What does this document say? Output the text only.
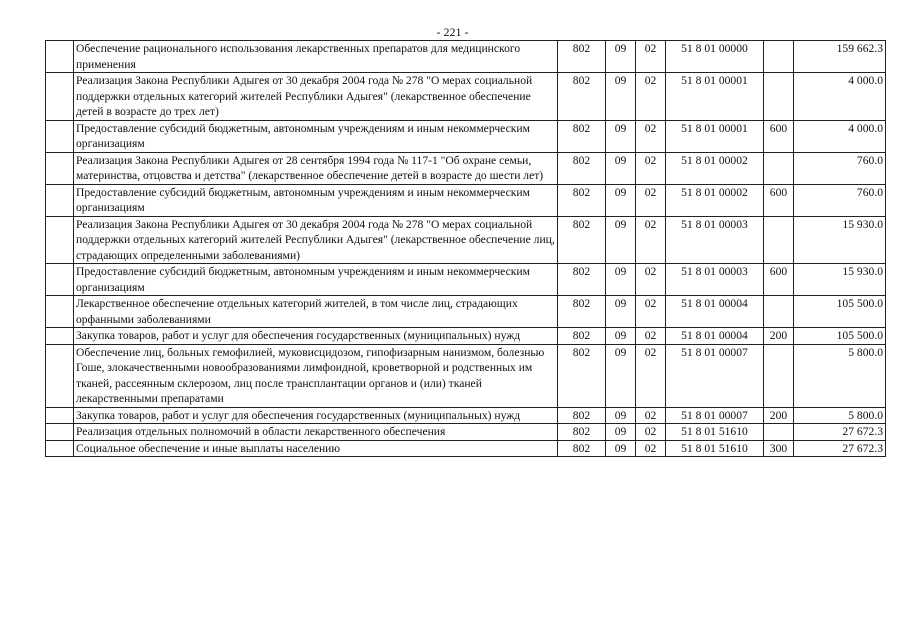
- 221 -
	Обеспечение рационального использования лекарственных препаратов для медицинского применения	802	09	02	51 8 01 00000		159 662.3
	Реализация Закона Республики Адыгея от 30 декабря 2004 года № 278 "О мерах социальной поддержки отдельных категорий жителей Республики Адыгея" (лекарственное обеспечение детей в возрасте до трех лет)	802	09	02	51 8 01 00001		4 000.0
	Предоставление субсидий бюджетным, автономным учреждениям и иным некоммерческим организациям	802	09	02	51 8 01 00001	600	4 000.0
	Реализация Закона Республики Адыгея от 28 сентября 1994 года № 117-1 "Об охране семьи, материнства, отцовства и детства" (лекарственное обеспечение детей в возрасте до шести лет)	802	09	02	51 8 01 00002		760.0
	Предоставление субсидий бюджетным, автономным учреждениям и иным некоммерческим организациям	802	09	02	51 8 01 00002	600	760.0
	Реализация Закона Республики Адыгея от 30 декабря 2004 года № 278 "О мерах социальной поддержки отдельных категорий жителей Республики Адыгея" (лекарственное обеспечение лиц, страдающих определенными заболеваниями)	802	09	02	51 8 01 00003		15 930.0
	Предоставление субсидий бюджетным, автономным учреждениям и иным некоммерческим организациям	802	09	02	51 8 01 00003	600	15 930.0
	Лекарственное обеспечение отдельных категорий жителей, в том числе лиц, страдающих орфанными заболеваниями	802	09	02	51 8 01 00004		105 500.0
	Закупка товаров, работ и услуг для обеспечения государственных (муниципальных) нужд	802	09	02	51 8 01 00004	200	105 500.0
	Обеспечение лиц, больных гемофилией, муковисцидозом, гипофизарным нанизмом, болезнью Гоше, злокачественными новообразованиями лимфоидной, кроветворной и родственных им тканей, рассеянным склерозом, лиц после трансплантации органов и (или) тканей лекарственными препаратами	802	09	02	51 8 01 00007		5 800.0
	Закупка товаров, работ и услуг для обеспечения государственных (муниципальных) нужд	802	09	02	51 8 01 00007	200	5 800.0
	Реализация отдельных полномочий в области лекарственного обеспечения	802	09	02	51 8 01 51610		27 672.3
	Социальное обеспечение и иные выплаты населению	802	09	02	51 8 01 51610	300	27 672.3
